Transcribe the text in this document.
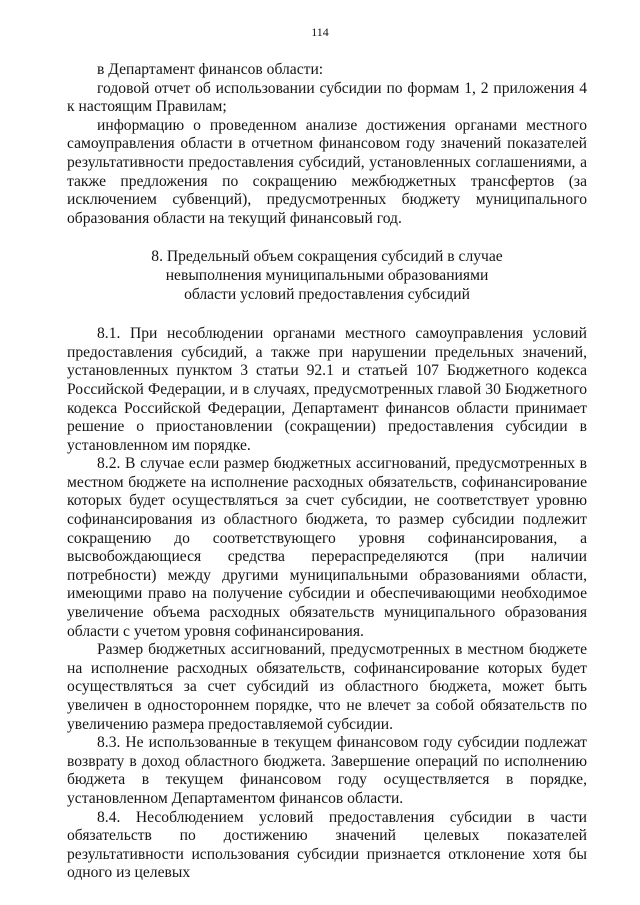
114

в Департамент финансов области:

годовой отчет об использовании субсидии по формам 1, 2 приложения 4 к настоящим Правилам;

информацию о проведенном анализе достижения органами местного самоуправления области в отчетном финансовом году значений показателей результативности предоставления субсидий, установленных соглашениями, а также предложения по сокращению межбюджетных трансфертов (за исключением субвенций), предусмотренных бюджету муниципального образования области на текущий финансовый год.

8. Предельный объем сокращения субсидий в случае
невыполнения муниципальными образованиями
области условий предоставления субсидий

8.1. При несоблюдении органами местного самоуправления условий предоставления субсидий, а также при нарушении предельных значений, установленных пунктом 3 статьи 92.1 и статьей 107 Бюджетного кодекса Российской Федерации, и в случаях, предусмотренных главой 30 Бюджетного кодекса Российской Федерации, Департамент финансов области принимает решение о приостановлении (сокращении) предоставления субсидии в установленном им порядке.

8.2. В случае если размер бюджетных ассигнований, предусмотренных в местном бюджете на исполнение расходных обязательств, софинансирование которых будет осуществляться за счет субсидии, не соответствует уровню софинансирования из областного бюджета, то размер субсидии подлежит сокращению до соответствующего уровня софинансирования, а высвобождающиеся средства перераспределяются (при наличии потребности) между другими муниципальными образованиями области, имеющими право на получение субсидии и обеспечивающими необходимое увеличение объема расходных обязательств муниципального образования области с учетом уровня софинансирования.

Размер бюджетных ассигнований, предусмотренных в местном бюджете на исполнение расходных обязательств, софинансирование которых будет осуществляться за счет субсидий из областного бюджета, может быть увеличен в одностороннем порядке, что не влечет за собой обязательств по увеличению размера предоставляемой субсидии.

8.3. Не использованные в текущем финансовом году субсидии подлежат возврату в доход областного бюджета. Завершение операций по исполнению бюджета в текущем финансовом году осуществляется в порядке, установленном Департаментом финансов области.

8.4. Несоблюдением условий предоставления субсидии в части обязательств по достижению значений целевых показателей результативности использования субсидии признается отклонение хотя бы одного из целевых
